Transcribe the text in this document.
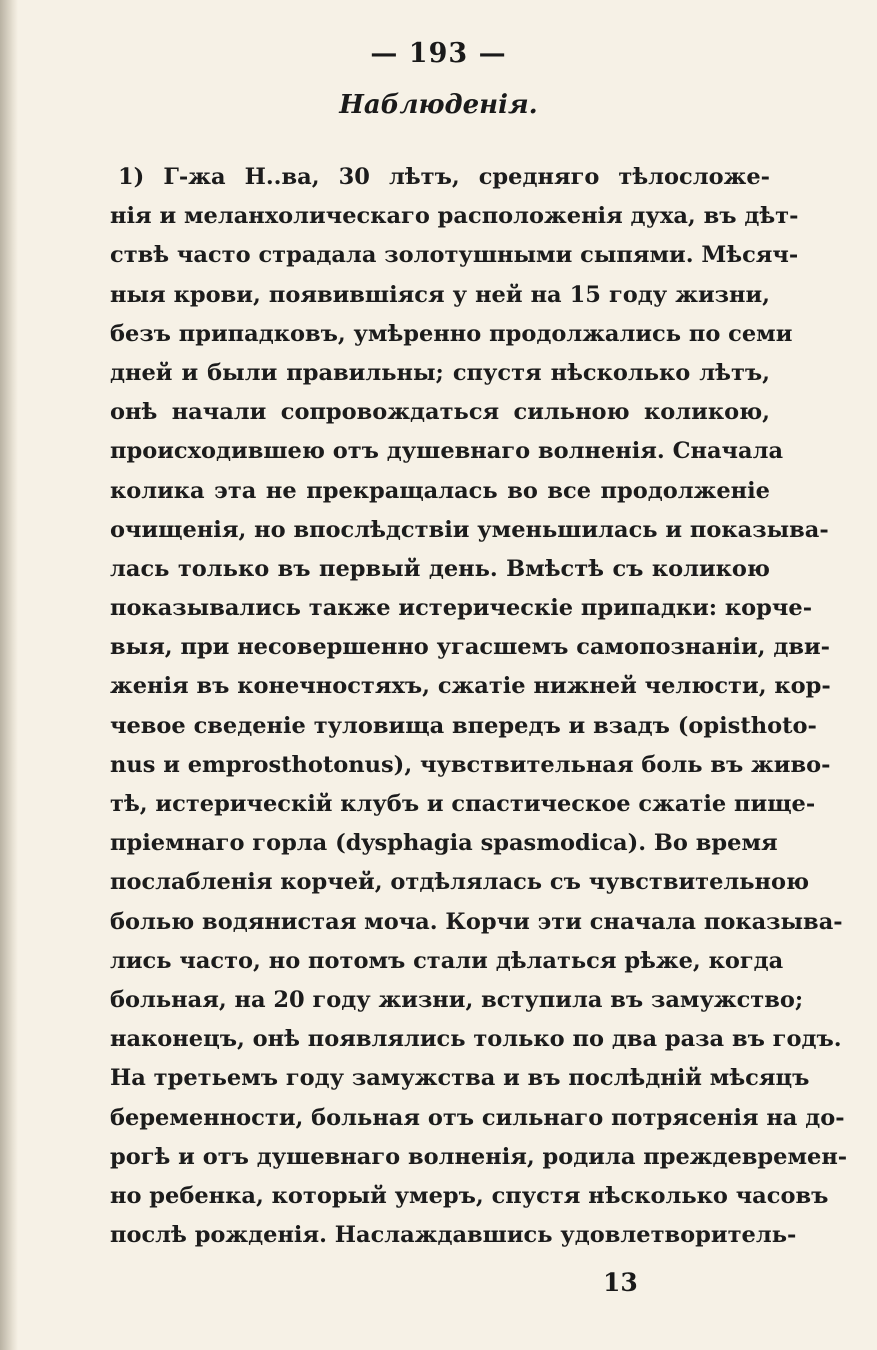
— 193 —
Наблюденія.
1) Г-жа Н..ва, 30 лѣтъ, средняго тѣлосложе-
нія и меланхолическаго расположенія духа, въ дѣт-
ствѣ часто страдала золотушными сыпями. Мѣсяч-
ныя крови, появившіяся у ней на 15 году жизни,
безъ припадковъ, умѣренно продолжались по семи
дней и были правильны; спустя нѣсколько лѣтъ,
онѣ начали сопровождаться сильною коликою,
происходившею отъ душевнаго волненія. Сначала
колика эта не прекращалась во все продолженіе
очищенія, но впослѣдствіи уменьшилась и показыва-
лась только въ первый день. Вмѣстѣ съ коликою
показывались также истерическіе припадки: корче-
выя, при несовершенно угасшемъ самопознаніи, дви-
женія въ конечностяхъ, сжатіе нижней челюсти, кор-
чевое сведеніе туловища впередъ и взадъ (opisthoto-
nus и emprosthotonus), чувствительная боль въ живо-
тѣ, истерическій клубъ и спастическое сжатіе пище-
пріемнаго горла (dysphagia spasmodica). Во время
послабленія корчей, отдѣлялась съ чувствительною
болью водянистая моча. Корчи эти сначала показыва-
лись часто, но потомъ стали дѣлаться рѣже, когда
больная, на 20 году жизни, вступила въ замужство;
наконецъ, онѣ появлялись только по два раза въ годъ.
На третьемъ году замужства и въ послѣдній мѣсяцъ
беременности, больная отъ сильнаго потрясенія на до-
рогѣ и отъ душевнаго волненія, родила преждевремен-
но ребенка, который умеръ, спустя нѣсколько часовъ
послѣ рожденія. Наслаждавшись удовлетворитель-
13
